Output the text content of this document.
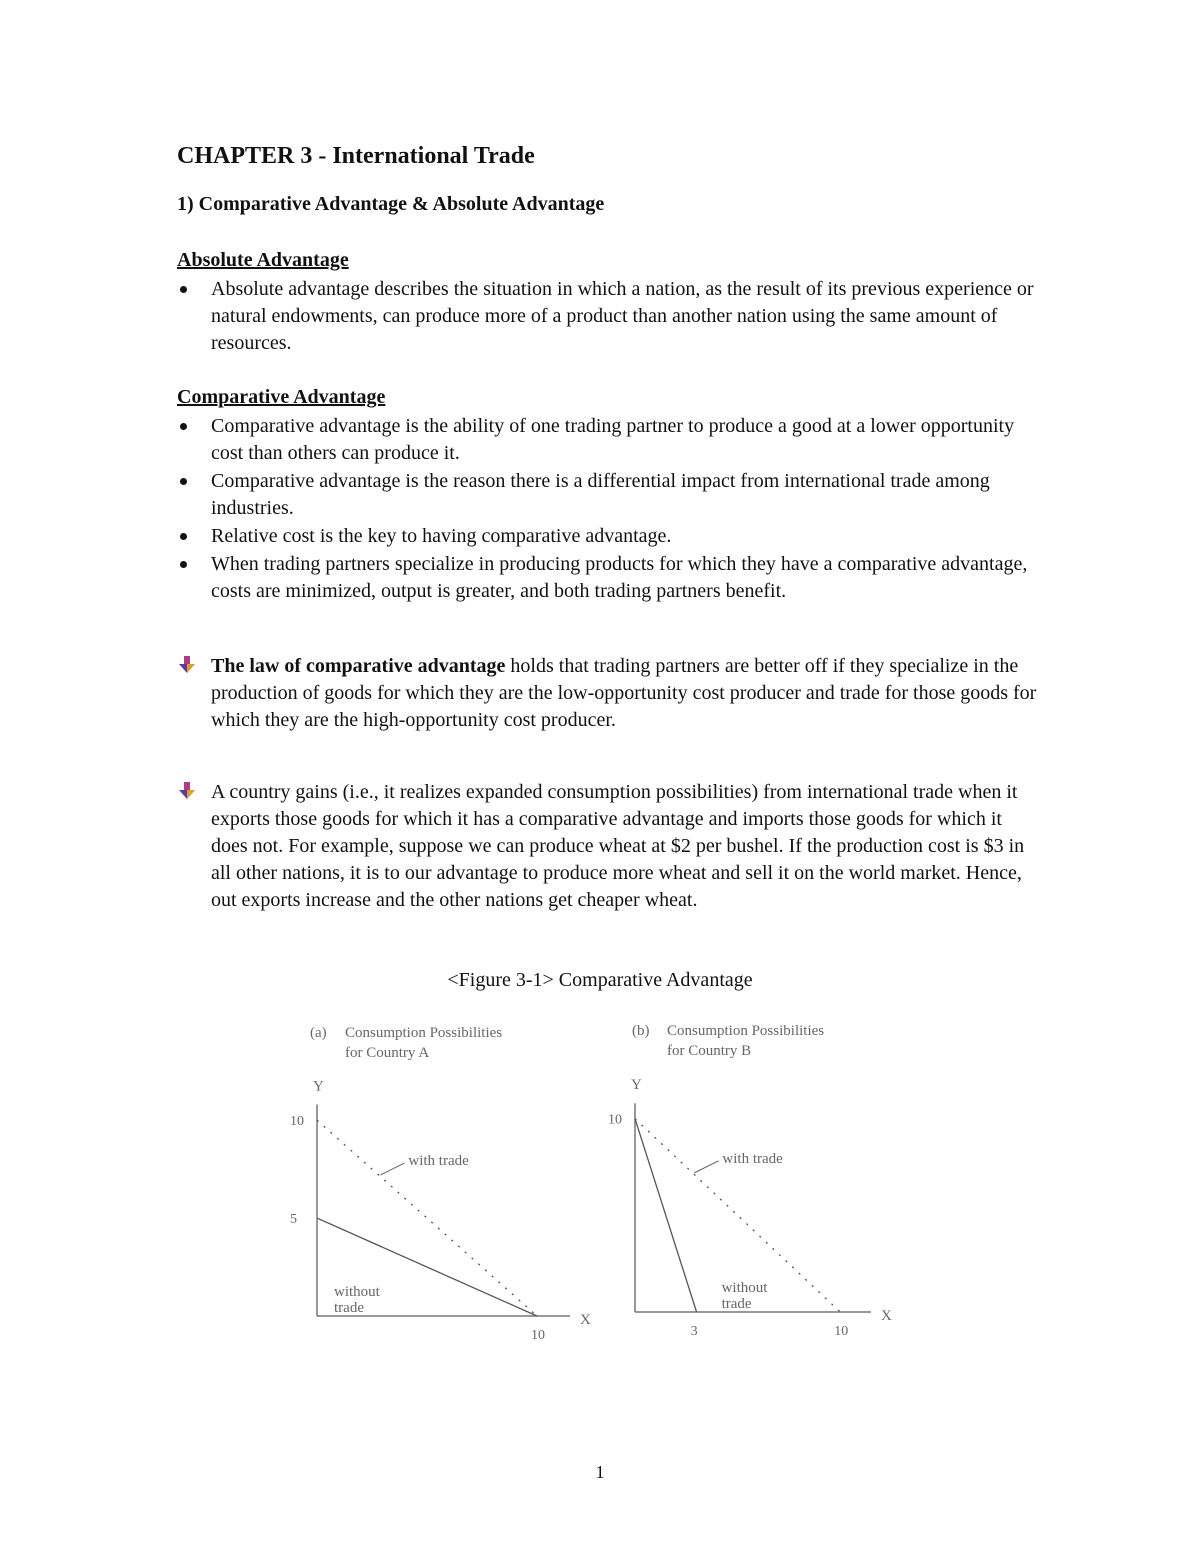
CHAPTER 3 - International Trade
1) Comparative Advantage & Absolute Advantage
Absolute Advantage
Absolute advantage describes the situation in which a nation, as the result of its previous experience or natural endowments, can produce more of a product than another nation using the same amount of resources.
Comparative Advantage
Comparative advantage is the ability of one trading partner to produce a good at a lower opportunity cost than others can produce it.
Comparative advantage is the reason there is a differential impact from international trade among industries.
Relative cost is the key to having comparative advantage.
When trading partners specialize in producing products for which they have a comparative advantage, costs are minimized, output is greater, and both trading partners benefit.
The law of comparative advantage holds that trading partners are better off if they specialize in the production of goods for which they are the low-opportunity cost producer and trade for those goods for which they are the high-opportunity cost producer.
A country gains (i.e., it realizes expanded consumption possibilities) from international trade when it exports those goods for which it has a comparative advantage and imports those goods for which it does not. For example, suppose we can produce wheat at $2 per bushel. If the production cost is $3 in all other nations, it is to our advantage to produce more wheat and sell it on the world market. Hence, out exports increase and the other nations get cheaper wheat.
<Figure 3-1> Comparative Advantage
(a) Consumption Possibilities
for Country A
Y
X
10
5
10
with trade
without
trade
(b) Consumption Possibilities
for Country B
Y
X
10
3	10
with trade
without
trade
1
